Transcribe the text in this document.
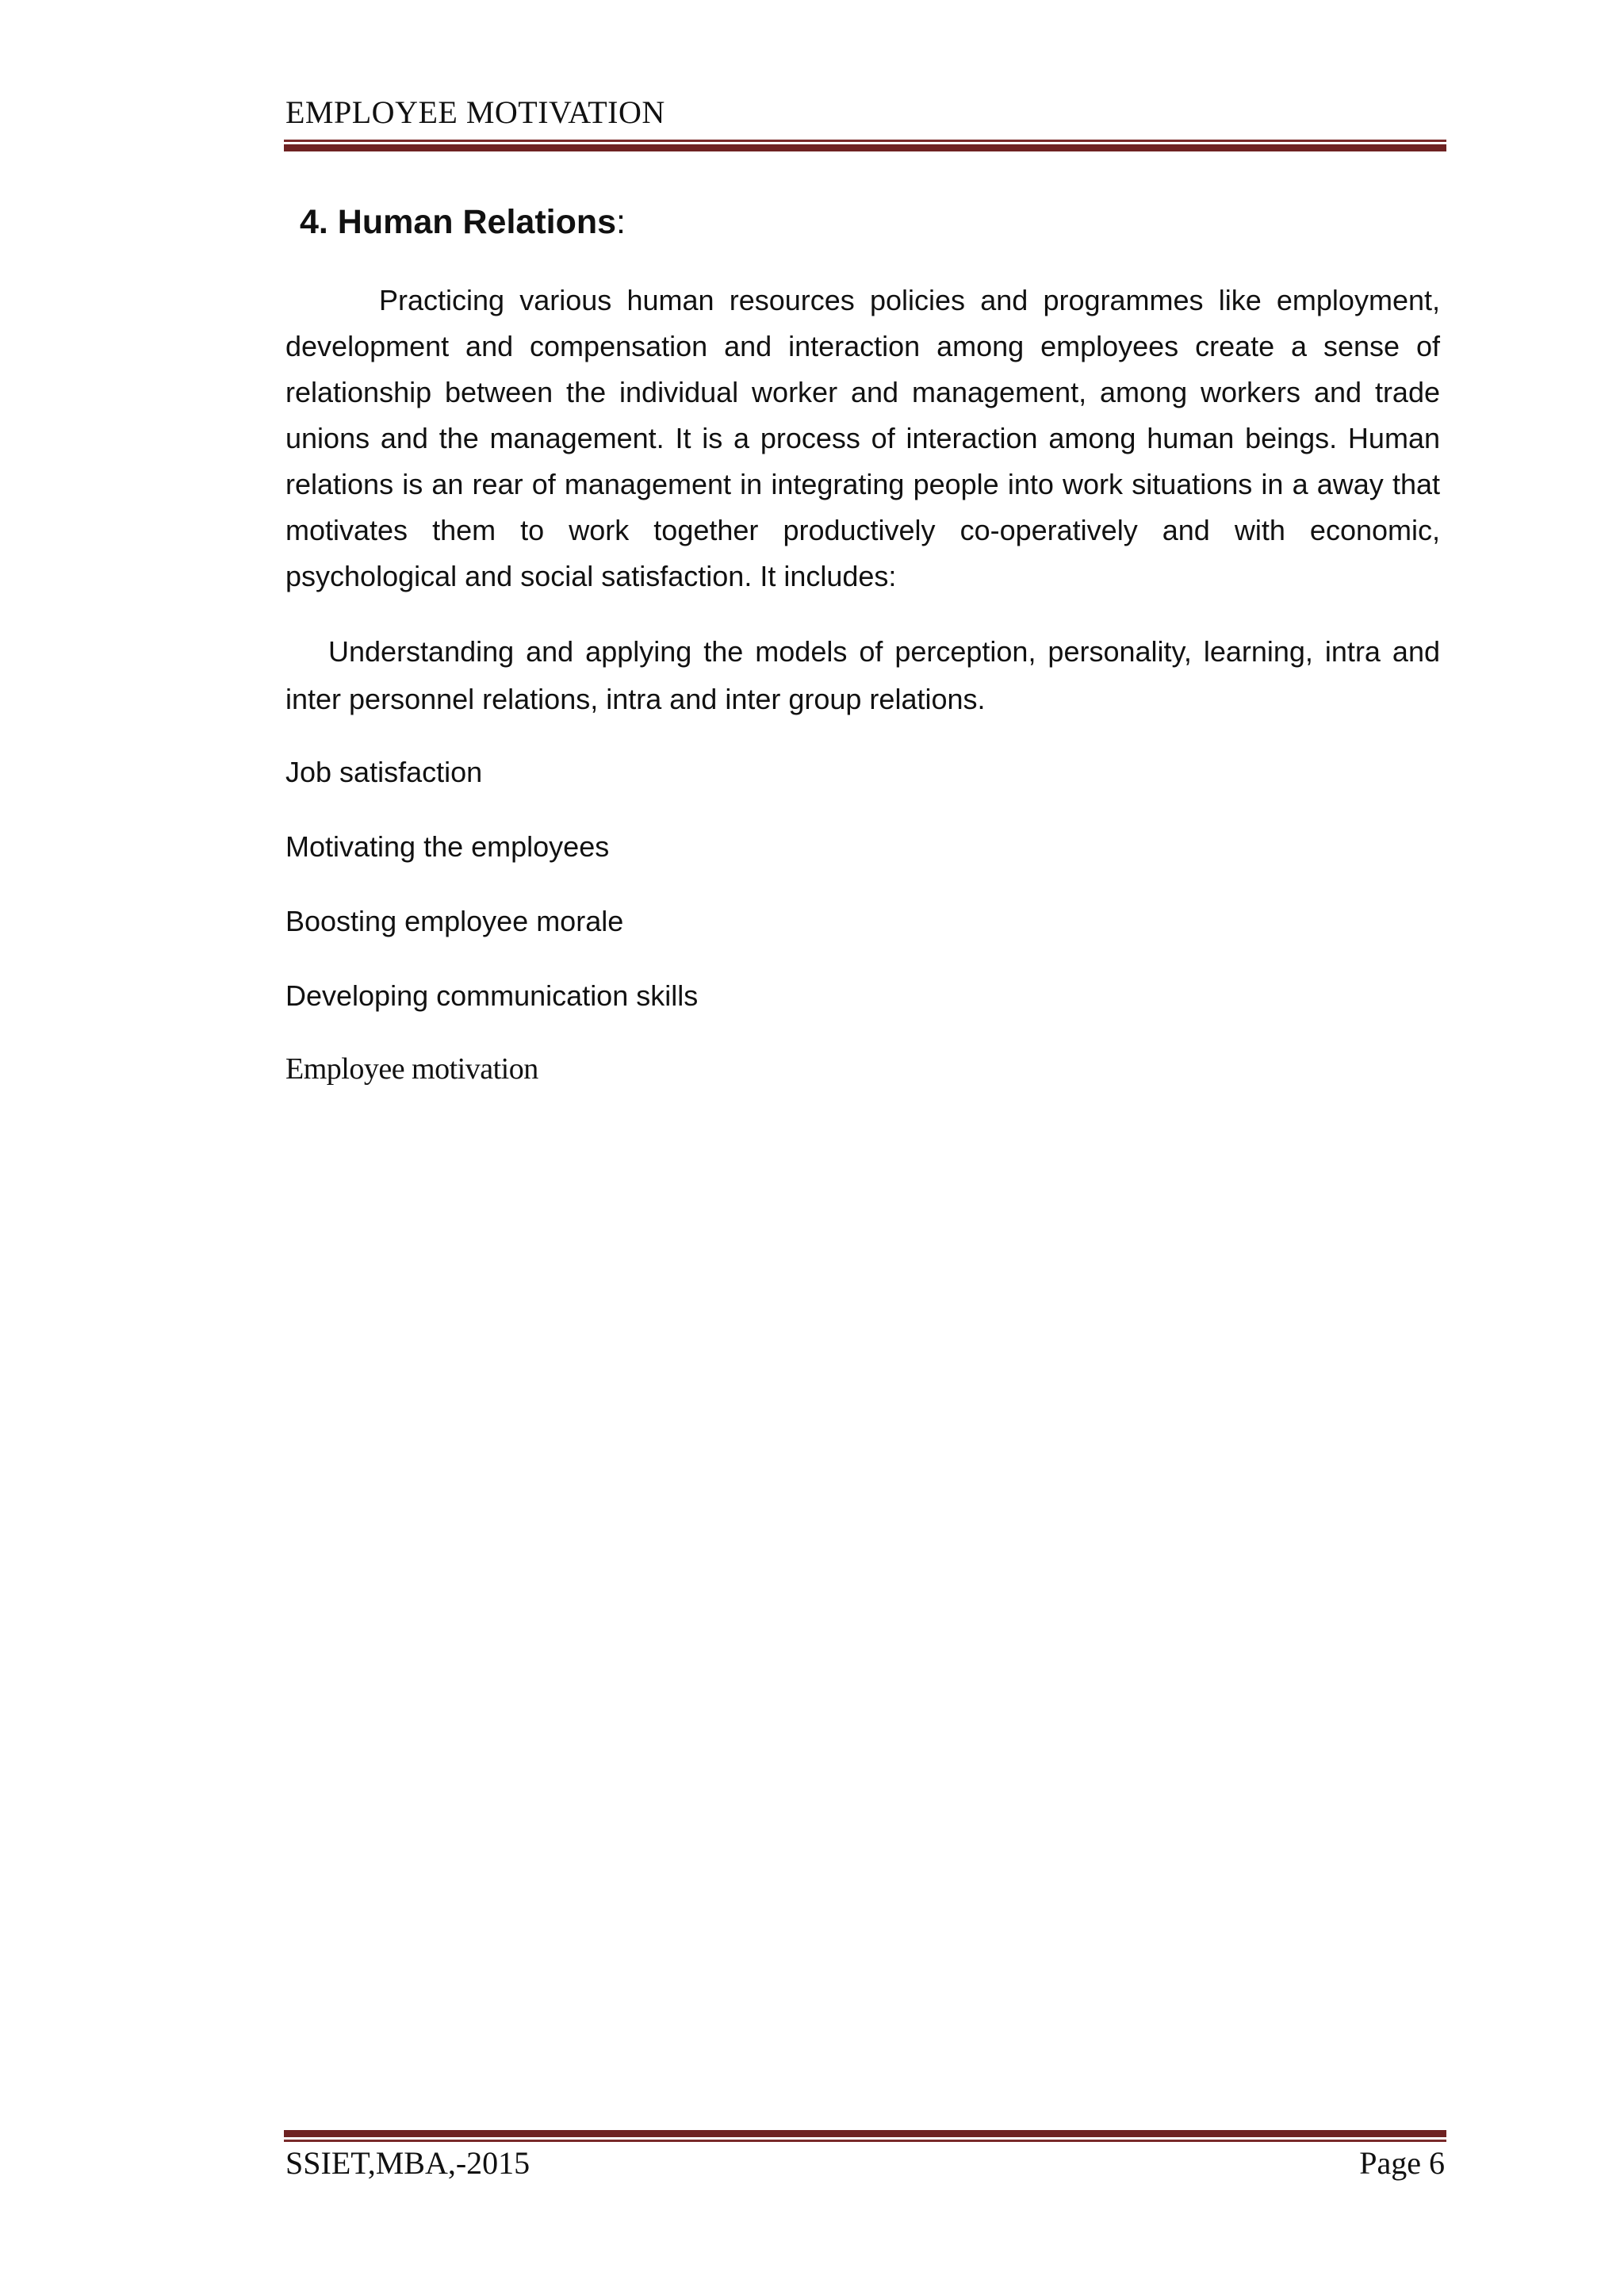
EMPLOYEE MOTIVATION
4. Human Relations:

Practicing various human resources policies and programmes like employment, development and compensation and interaction among employees create a sense of relationship between the individual worker and management, among workers and trade unions and the management. It is a process of interaction among human beings. Human relations is an rear of management in integrating people into work situations in a away that motivates them to work together productively co-operatively and with economic, psychological and social satisfaction. It includes:

Understanding and applying the models of perception, personality, learning, intra and inter personnel relations, intra and inter group relations.

Job satisfaction

Motivating the employees

Boosting employee morale

Developing communication skills

Employee motivation

SSIET,MBA,-2015	Page 6
